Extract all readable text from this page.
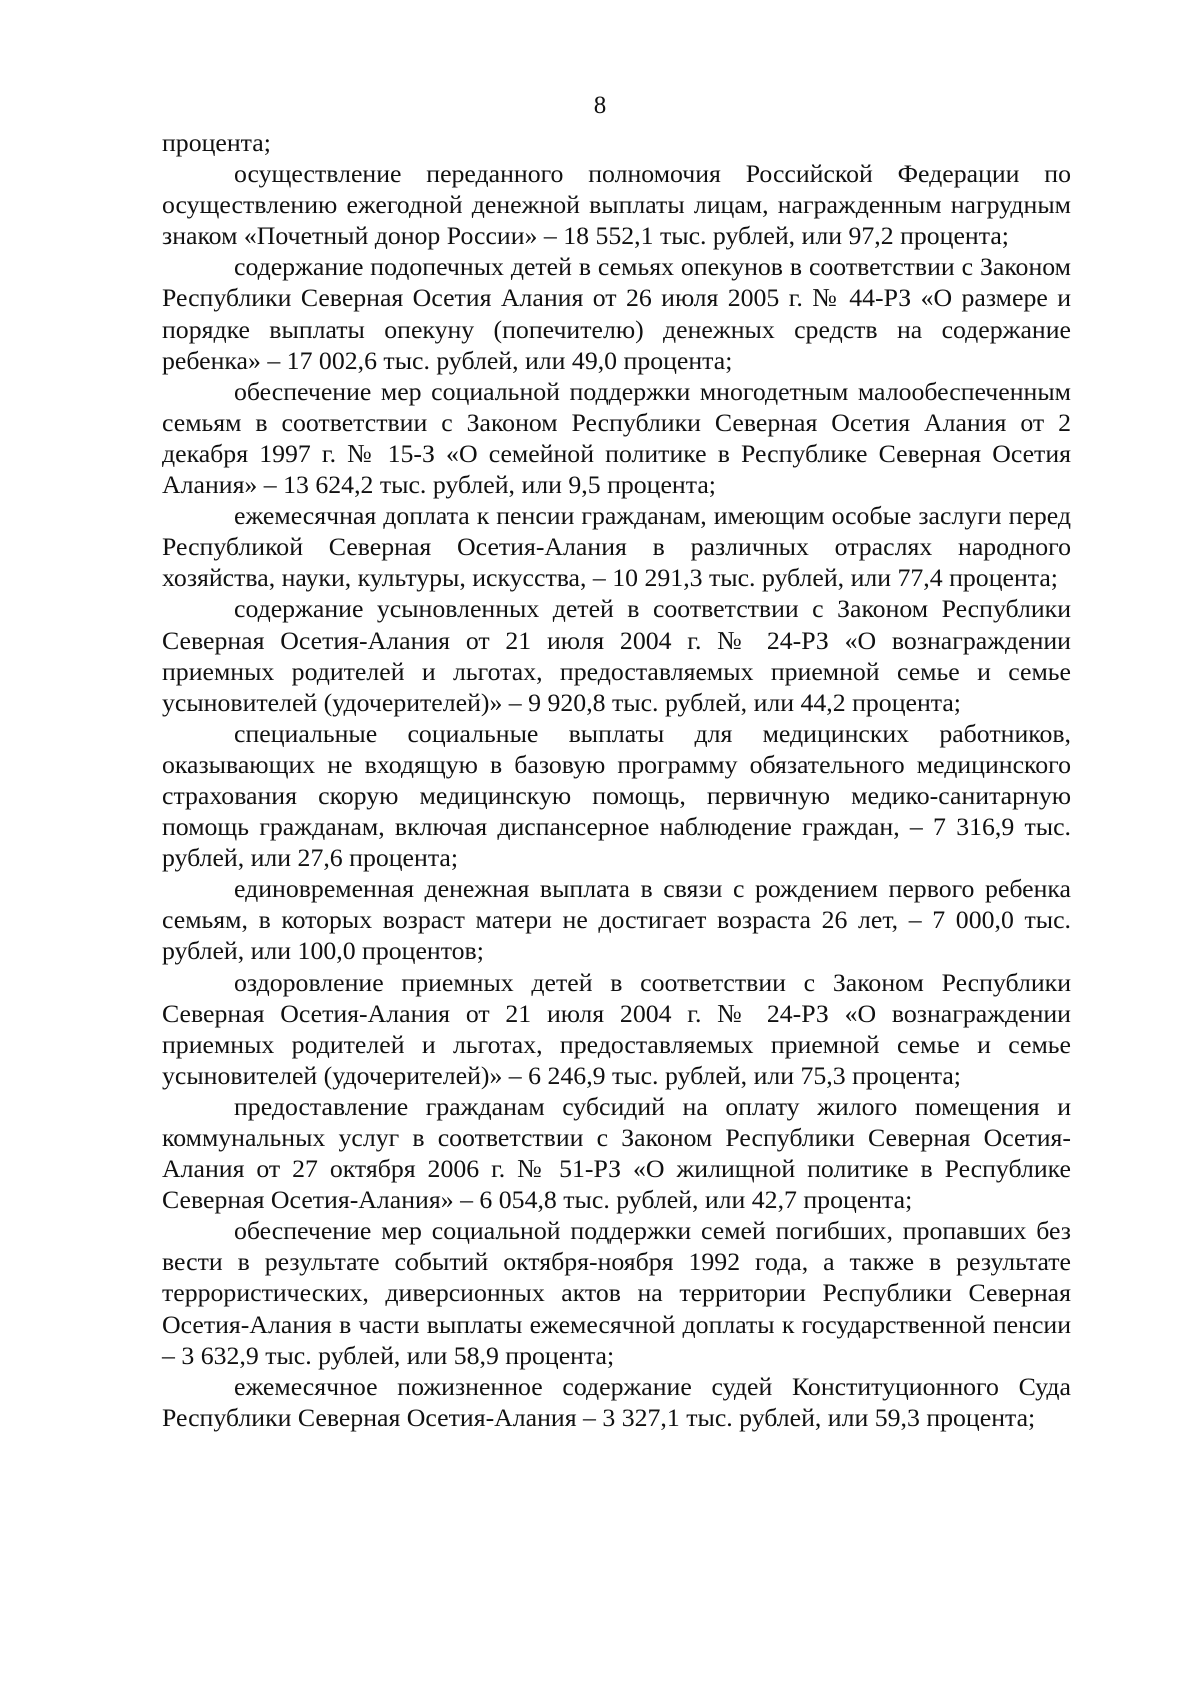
8

процента;

осуществление переданного полномочия Российской Федерации по осуществлению ежегодной денежной выплаты лицам, награжденным нагрудным знаком «Почетный донор России» – 18 552,1 тыс. рублей, или 97,2 процента;

содержание подопечных детей в семьях опекунов в соответствии с Законом Республики Северная Осетия Алания от 26 июля 2005 г. № 44-РЗ «О размере и порядке выплаты опекуну (попечителю) денежных средств на содержание ребенка» – 17 002,6 тыс. рублей, или 49,0 процента;

обеспечение мер социальной поддержки многодетным малообеспеченным семьям в соответствии с Законом Республики Северная Осетия Алания от 2 декабря 1997 г. № 15-З «О семейной политике в Республике Северная Осетия Алания» – 13 624,2 тыс. рублей, или 9,5 процента;

ежемесячная доплата к пенсии гражданам, имеющим особые заслуги перед Республикой Северная Осетия-Алания в различных отраслях народного хозяйства, науки, культуры, искусства, – 10 291,3 тыс. рублей, или 77,4 процента;

содержание усыновленных детей в соответствии с Законом Республики Северная Осетия-Алания от 21 июля 2004 г. № 24-РЗ «О вознаграждении приемных родителей и льготах, предоставляемых приемной семье и семье усыновителей (удочерителей)» – 9 920,8 тыс. рублей, или 44,2 процента;

специальные социальные выплаты для медицинских работников, оказывающих не входящую в базовую программу обязательного медицинского страхования скорую медицинскую помощь, первичную медико-санитарную помощь гражданам, включая диспансерное наблюдение граждан, – 7 316,9 тыс. рублей, или 27,6 процента;

единовременная денежная выплата в связи с рождением первого ребенка семьям, в которых возраст матери не достигает возраста 26 лет, – 7 000,0 тыс. рублей, или 100,0 процентов;

оздоровление приемных детей в соответствии с Законом Республики Северная Осетия-Алания от 21 июля 2004 г. № 24-РЗ «О вознаграждении приемных родителей и льготах, предоставляемых приемной семье и семье усыновителей (удочерителей)» – 6 246,9 тыс. рублей, или 75,3 процента;

предоставление гражданам субсидий на оплату жилого помещения и коммунальных услуг в соответствии с Законом Республики Северная Осетия-Алания от 27 октября 2006 г. № 51-РЗ «О жилищной политике в Республике Северная Осетия-Алания» – 6 054,8 тыс. рублей, или 42,7 процента;

обеспечение мер социальной поддержки семей погибших, пропавших без вести в результате событий октября-ноября 1992 года, а также в результате террористических, диверсионных актов на территории Республики Северная Осетия-Алания в части выплаты ежемесячной доплаты к государственной пенсии – 3 632,9 тыс. рублей, или 58,9 процента;

ежемесячное пожизненное содержание судей Конституционного Суда Республики Северная Осетия-Алания – 3 327,1 тыс. рублей, или 59,3 процента;
